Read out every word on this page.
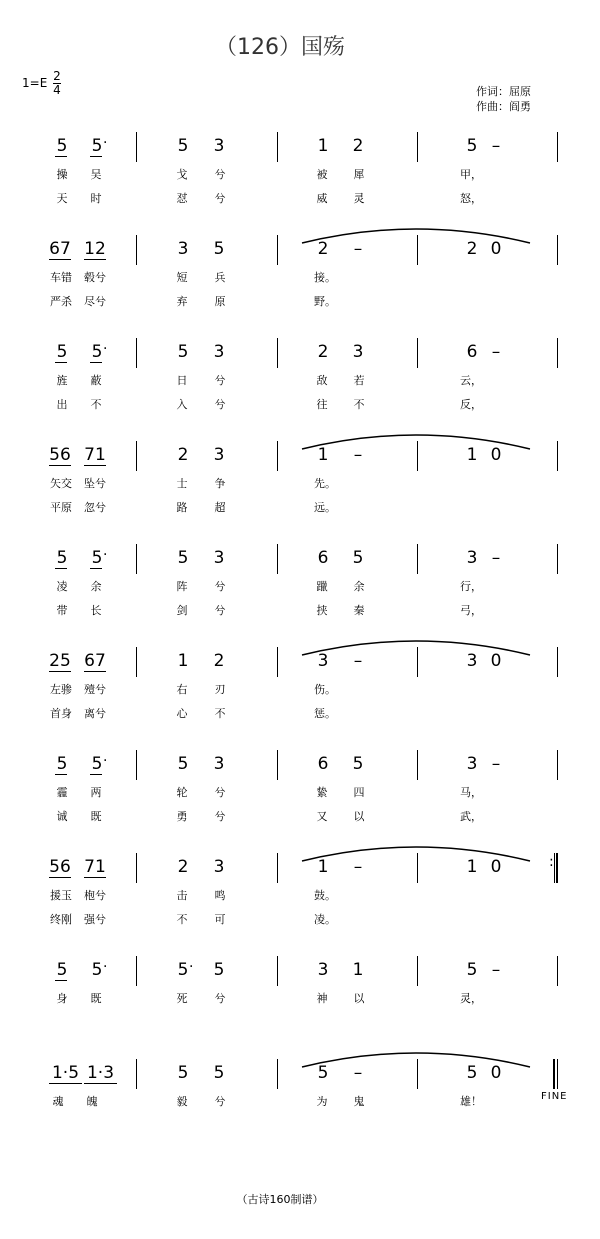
（126）国殇
$1=E \frac{2}{4}$	作词：屈原
作曲：阎勇
5 5 ·	5 3	1 2	5 –
操 吴	戈 兮	被 犀	甲，
天 时	怼 兮	威 灵	怒，
67 12	3 5	2 –	2 0
车错 毂兮	短 兵	接。
严杀 尽兮	弃 原	野。
5 5 ·	5 3	2 3	6 –
旌 蔽	日 兮	敌 若	云，
出 不	入 兮	往 不	反，
56 71	2 3	1 –	1 0
矢交 坠兮	士 争	先。
平原 忽兮	路 超	远。
5 5 ·	5 3	6 5	3 –
凌 余	阵 兮	躐 余	行，
带 长	剑 兮	挟 秦	弓，
25 67	1 2	3 –	3 0
左骖 殪兮	右 刃	伤。
首身 离兮	心 不	惩。
5 5 ·	5 3	6 5	3 –
霾 两	轮 兮	絷 四	马，
诚 既	勇 兮	又 以	武，
:
56 71	2 3	1 –	1 0
援玉 枹兮	击 鸣	鼓。
终刚 强兮	不 可	凌。
5 5 ·	5 · 5	3 1	5 –
身 既	死 兮	神 以	灵，
FINE
1·5 1·3	5 5	5 –	5 0
魂 魄	毅 兮	为 鬼	雄！
（古诗160制谱）
